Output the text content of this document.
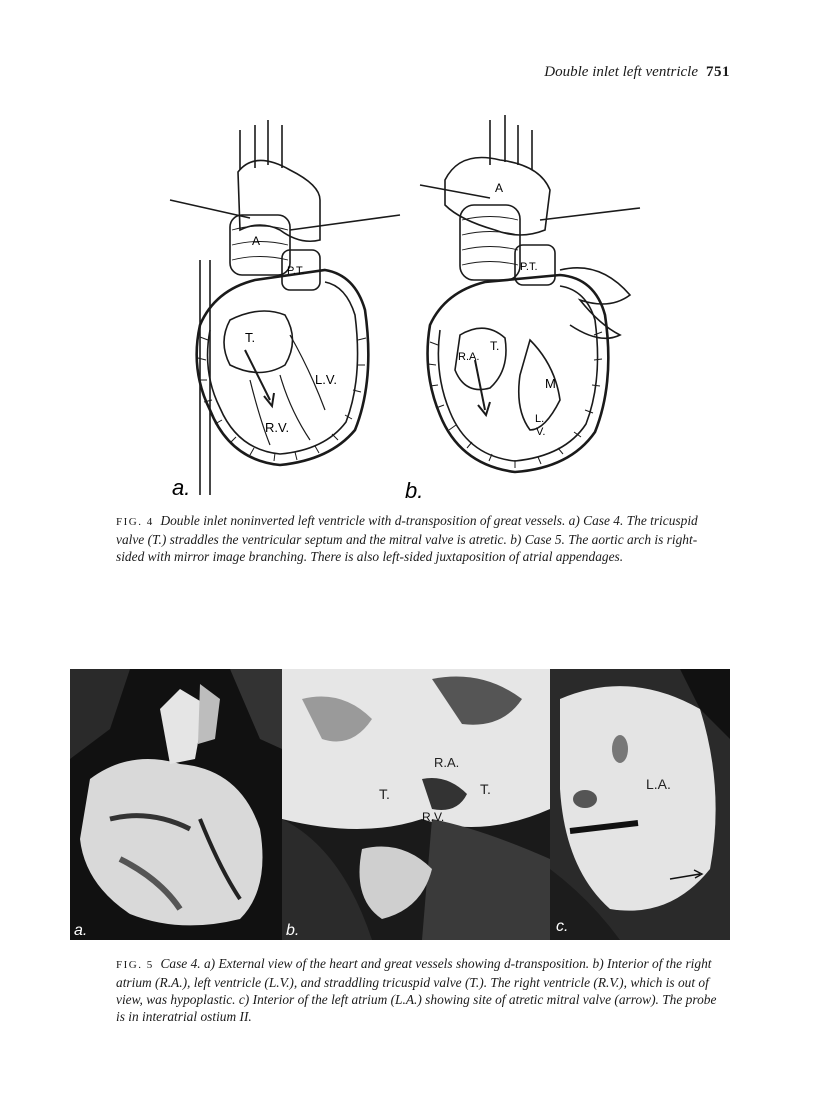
Double inlet left ventricle 751
A
P.T.
T.
L.V.
R.V.
a.
A
P.T.
R.A.
T.
M
L.
V.
b.
FIG. 4 Double inlet noninverted left ventricle with d-transposition of great vessels. a) Case 4. The tricuspid valve (T.) straddles the ventricular septum and the mitral valve is atretic. b) Case 5. The aortic arch is right-sided with mirror image branching. There is also left-sided juxtaposition of atrial appendages.
a.
R.A.
T.	T.
R.V.
b.
L.A.
c.
FIG. 5 Case 4. a) External view of the heart and great vessels showing d-transposition. b) Interior of the right atrium (R.A.), left ventricle (L.V.), and straddling tricuspid valve (T.). The right ventricle (R.V.), which is out of view, was hypoplastic. c) Interior of the left atrium (L.A.) showing site of atretic mitral valve (arrow). The probe is in interatrial ostium II.
